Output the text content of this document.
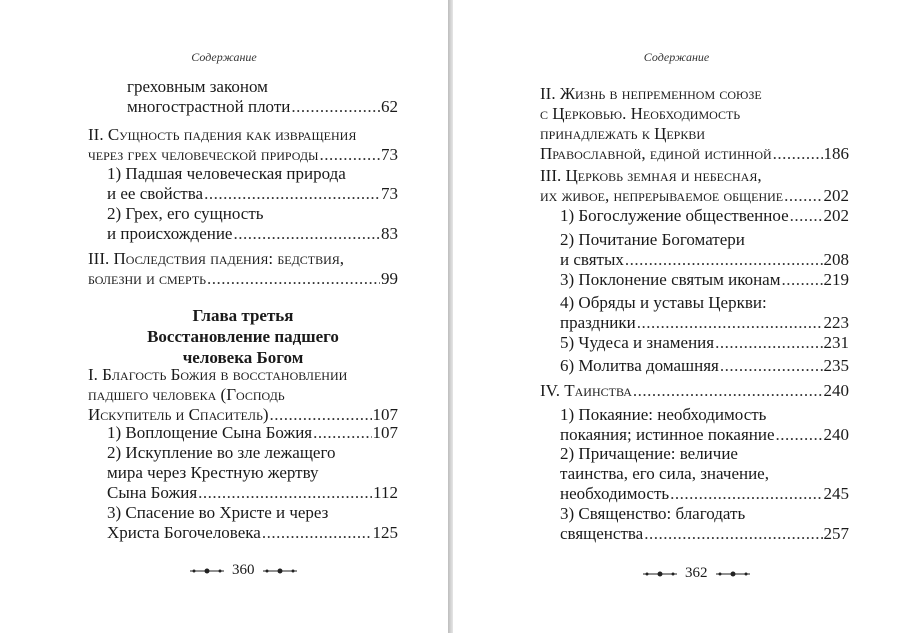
Содержание
греховным законом
многострастной плоти .....	62
II. Сущность падения как извращения
через грех человеческой природы .....	73
1) Падшая человеческая природа
и ее свойства .....	73
2) Грех, его сущность
и происхождение .....	83
III. Последствия падения: бедствия,
болезни и смерть .....	99
Глава третья
Восстановление падшего
человека Богом
I. Благость Божия в восстановлении
падшего человека (Господь
Искупитель и Спаситель) .....	107
1) Воплощение Сына Божия .....	107
2) Искупление во зле лежащего
мира через Крестную жертву
Сына Божия .....	112
3) Спасение во Христе и через
Христа Богочеловека .....	125
360
Содержание
II. Жизнь в непременном союзе
с Церковью. Необходимость
принадлежать к Церкви
Православной, единой истинной .....	186
III. Церковь земная и небесная,
их живое, непрерываемое общение ..... 202
1) Богослужение общественное ..... 202
2) Почитание Богоматери
и святых .....	208
3) Поклонение святым иконам .....	219
4) Обряды и уставы Церкви:
праздники .....	223
5) Чудеса и знамения .....	231
6) Молитва домашняя .....	235
IV. Таинства .....	240
1) Покаяние: необходимость
покаяния; истинное покаяние .....	240
2) Причащение: величие
таинства, его сила, значение,
необходимость .....	245
3) Священство: благодать
священства .....	257
362
